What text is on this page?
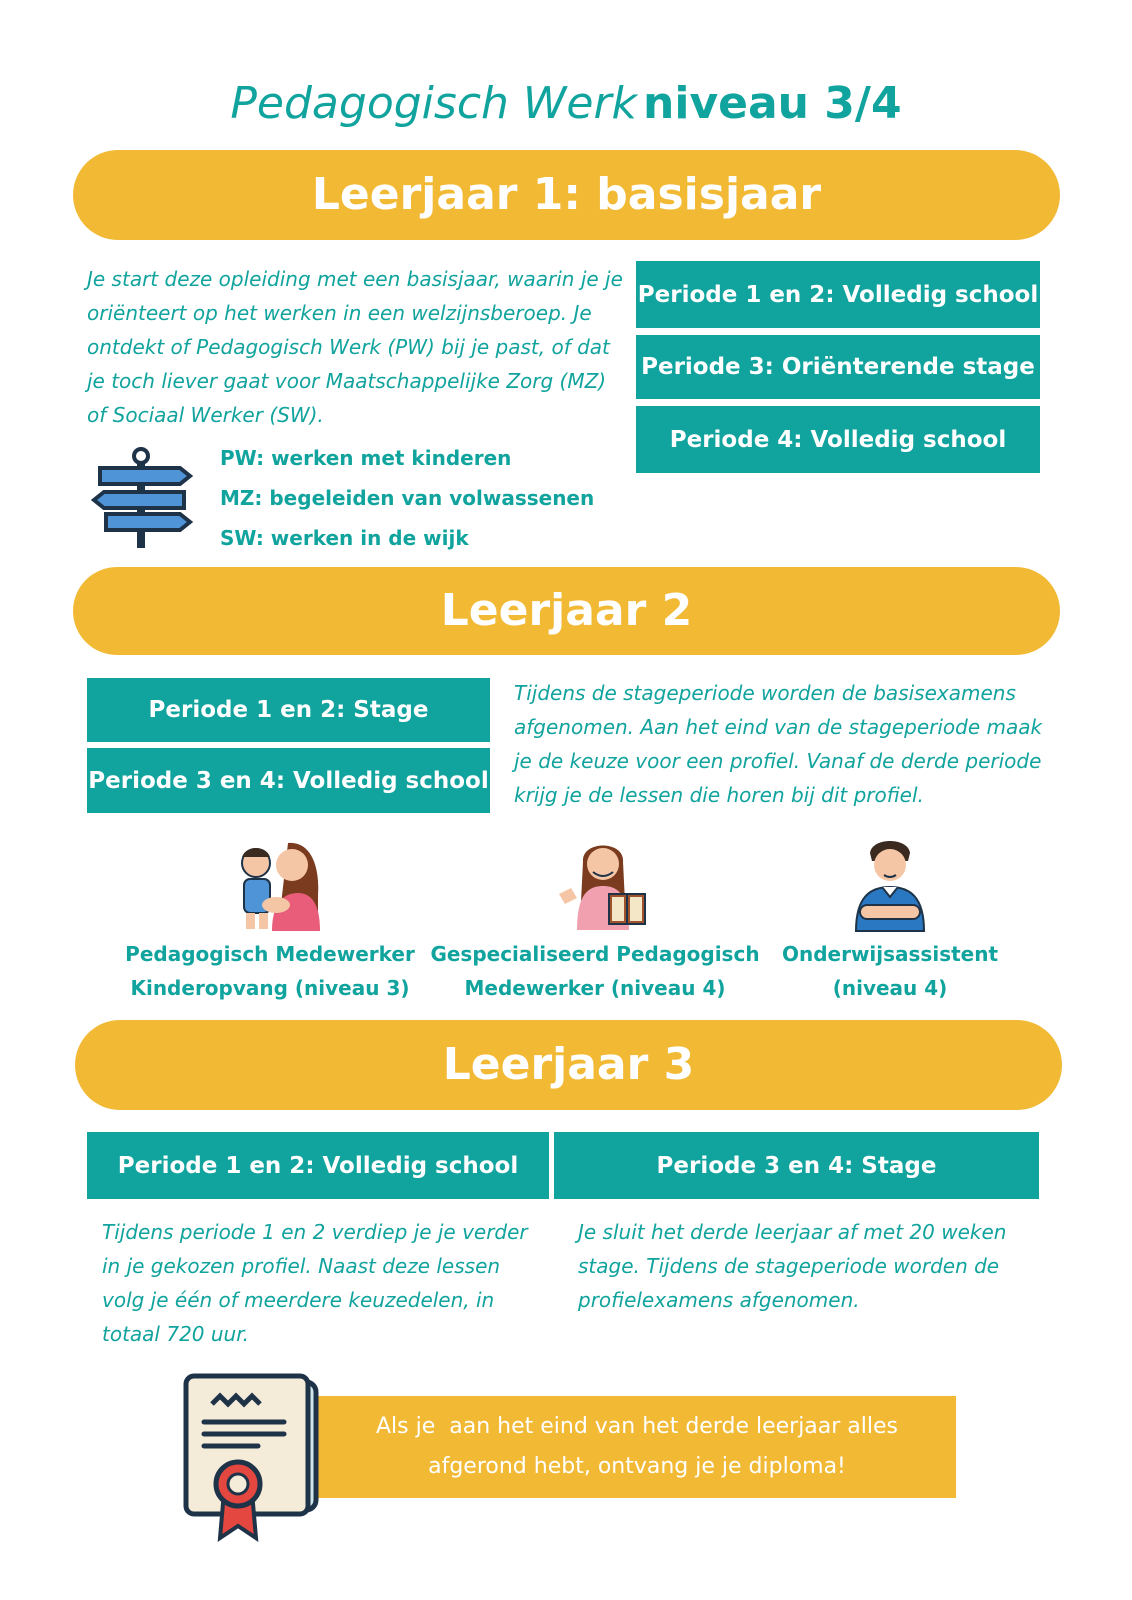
Pedagogisch Werk niveau 3/4
Leerjaar 1: basisjaar
Je start deze opleiding met een basisjaar, waarin je je oriënteert op het werken in een welzijnsberoep. Je ontdekt of Pedagogisch Werk (PW) bij je past, of dat je toch liever gaat voor Maatschappelijke Zorg (MZ) of Sociaal Werker (SW).
PW: werken met kinderen
MZ: begeleiden van volwassenen
SW: werken in de wijk
Periode 1 en 2: Volledig school
Periode 3: Oriënterende stage
Periode 4: Volledig school
Leerjaar 2
Periode 1 en 2: Stage
Periode 3 en 4: Volledig school
Tijdens de stageperiode worden de basisexamens afgenomen. Aan het eind van de stageperiode maak je de keuze voor een profiel. Vanaf de derde periode krijg je de lessen die horen bij dit profiel.
Pedagogisch Medewerker
Kinderopvang (niveau 3)
Gespecialiseerd Pedagogisch
Medewerker (niveau 4)
Onderwijsassistent
(niveau 4)
Leerjaar 3
Periode 1 en 2: Volledig school	Periode 3 en 4: Stage
Tijdens periode 1 en 2 verdiep je je verder in je gekozen profiel. Naast deze lessen volg je één of meerdere keuzedelen, in totaal 720 uur.
Je sluit het derde leerjaar af met 20 weken stage. Tijdens de stageperiode worden de profielexamens afgenomen.
Als je  aan het eind van het derde leerjaar alles
afgerond hebt, ontvang je je diploma!
